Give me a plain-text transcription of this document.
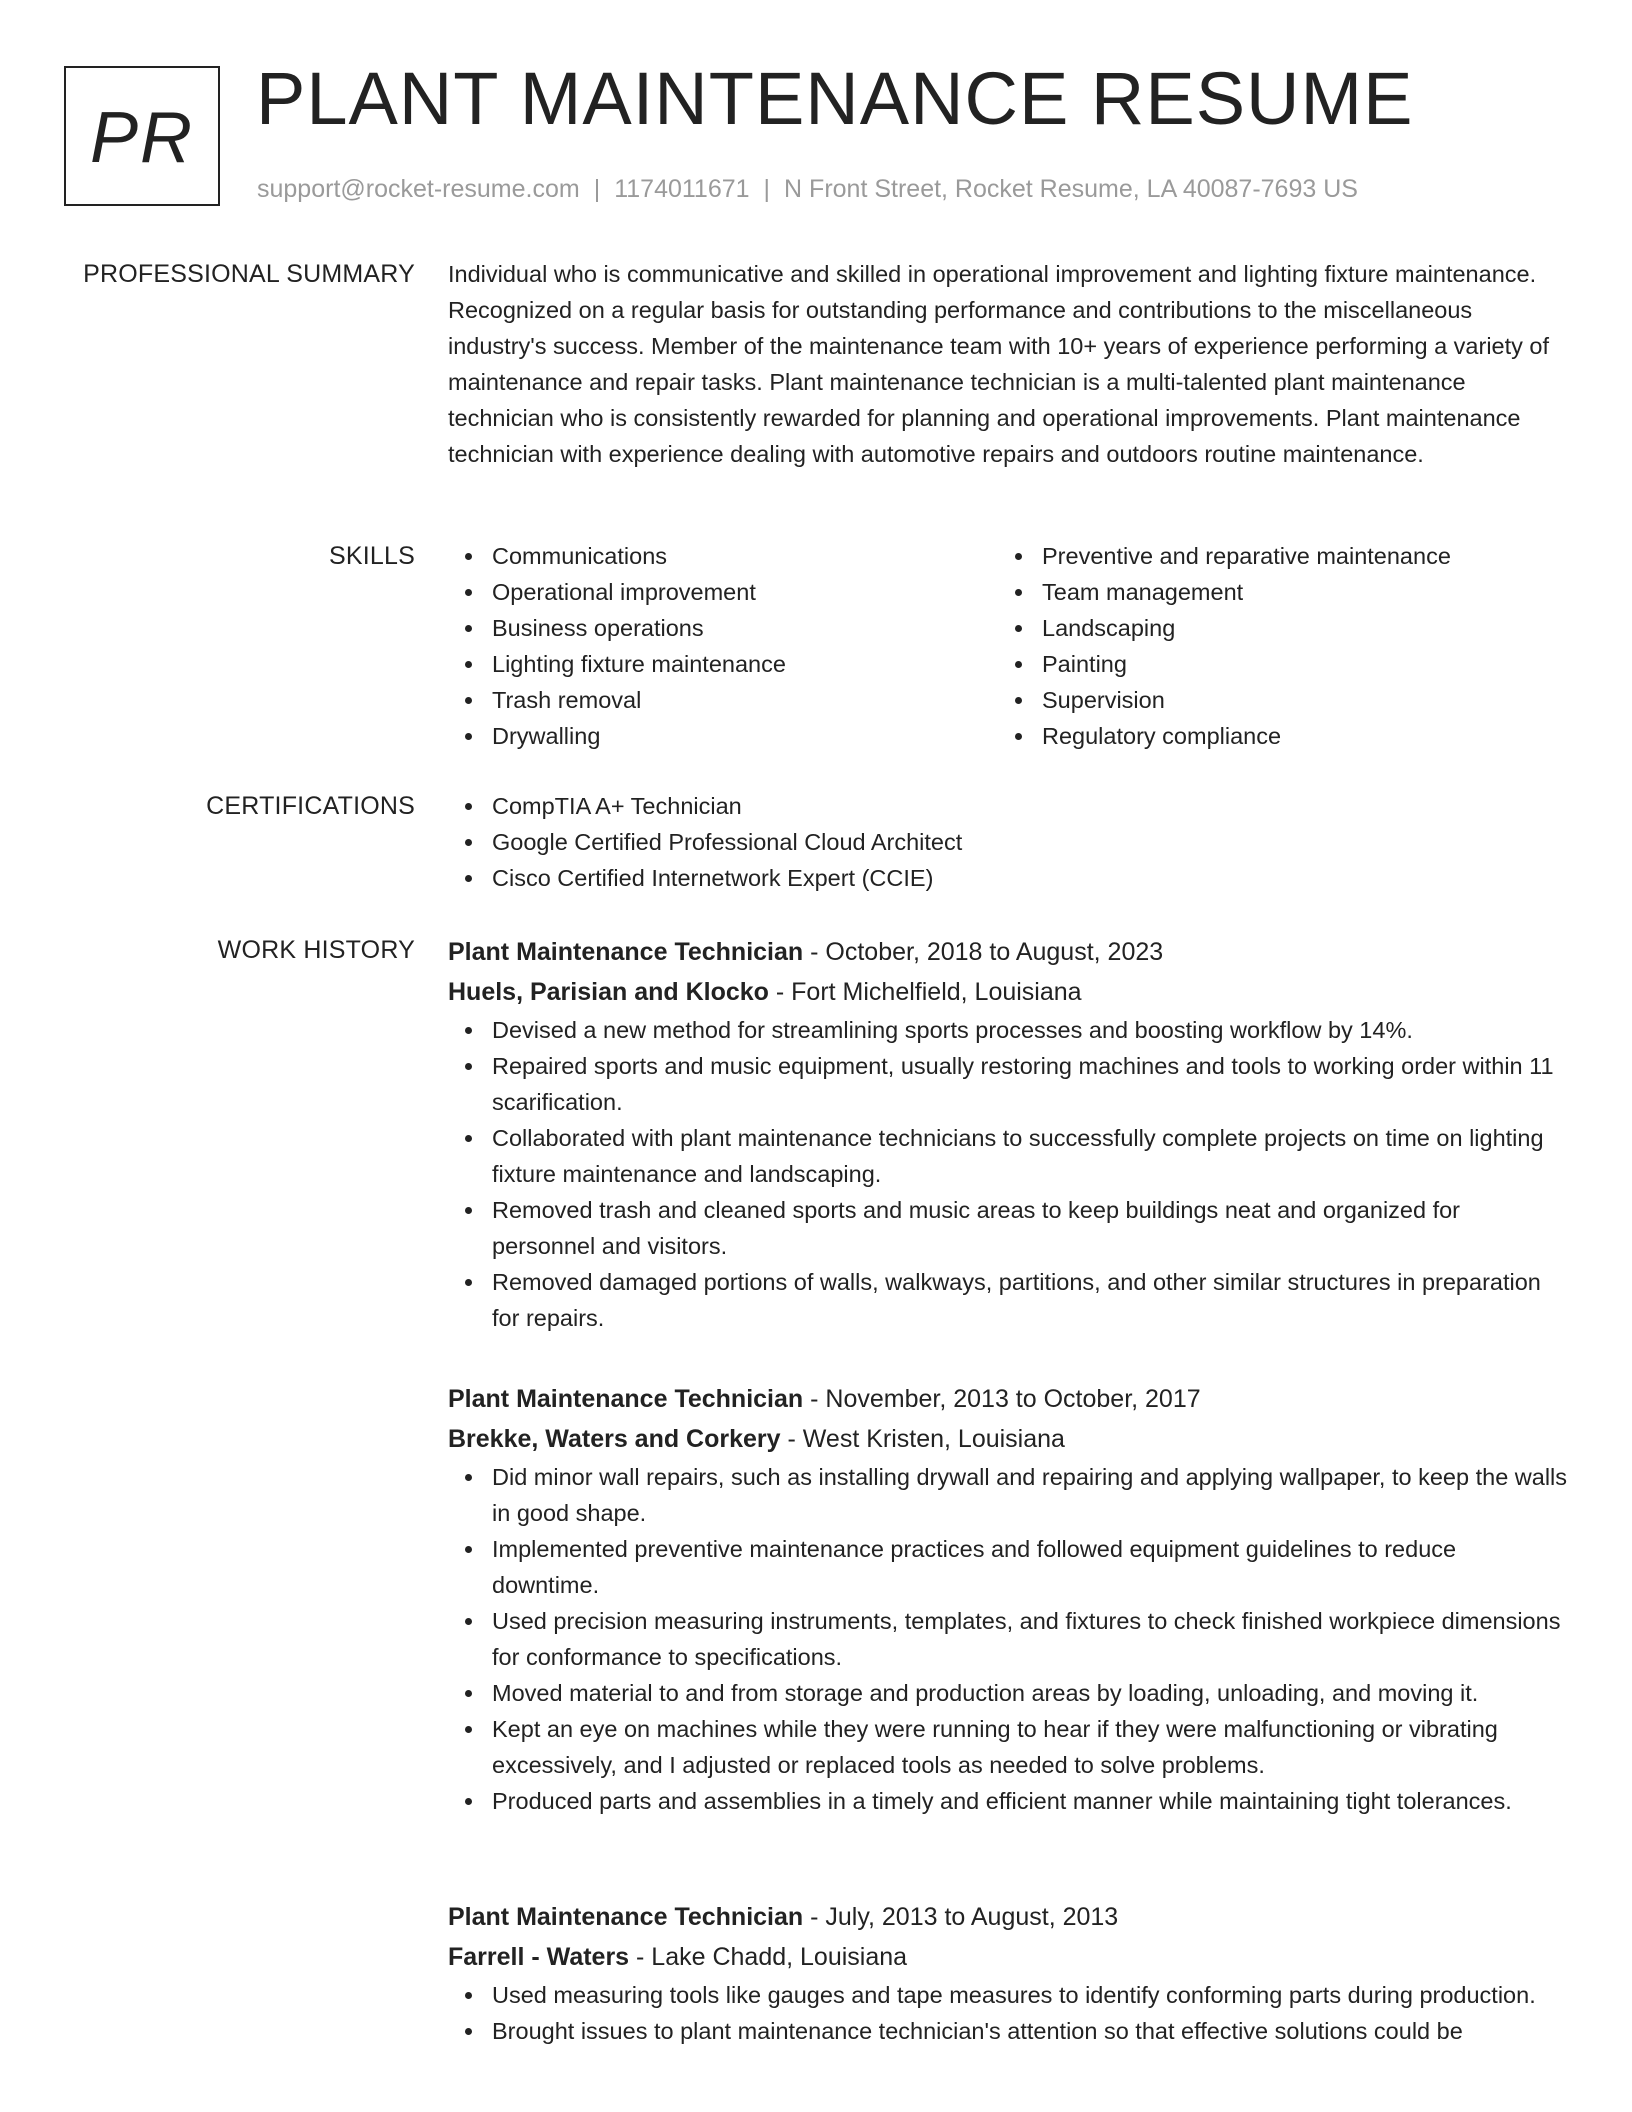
PR PLANT MAINTENANCE RESUME
support@rocket-resume.com | 1174011671 | N Front Street, Rocket Resume, LA 40087-7693 US
PROFESSIONAL SUMMARY Individual who is communicative and skilled in operational improvement and lighting fixture maintenance. Recognized on a regular basis for outstanding performance and contributions to the miscellaneous industry's success. Member of the maintenance team with 10+ years of experience performing a variety of maintenance and repair tasks. Plant maintenance technician is a multi-talented plant maintenance technician who is consistently rewarded for planning and operational improvements. Plant maintenance technician with experience dealing with automotive repairs and outdoors routine maintenance.

SKILLS	Communications
Operational improvement
Business operations
Lighting fixture maintenance
Trash removal
Drywalling
Preventive and reparative maintenance
Team management
Landscaping
Painting
Supervision
Regulatory compliance
CERTIFICATIONS	CompTIA A+ Technician
Google Certified Professional Cloud Architect
Cisco Certified Internetwork Expert (CCIE)
WORK HISTORY Plant Maintenance Technician - October, 2018 to August, 2023
Huels, Parisian and Klocko - Fort Michelfield, Louisiana
Devised a new method for streamlining sports processes and boosting workflow by 14%.
Repaired sports and music equipment, usually restoring machines and tools to working order within 11 scarification.
Collaborated with plant maintenance technicians to successfully complete projects on time on lighting fixture maintenance and landscaping.
Removed trash and cleaned sports and music areas to keep buildings neat and organized for personnel and visitors.
Removed damaged portions of walls, walkways, partitions, and other similar structures in preparation for repairs.
Plant Maintenance Technician - November, 2013 to October, 2017
Brekke, Waters and Corkery - West Kristen, Louisiana
Did minor wall repairs, such as installing drywall and repairing and applying wallpaper, to keep the walls in good shape.
Implemented preventive maintenance practices and followed equipment guidelines to reduce downtime.
Used precision measuring instruments, templates, and fixtures to check finished workpiece dimensions for conformance to specifications.
Moved material to and from storage and production areas by loading, unloading, and moving it.
Kept an eye on machines while they were running to hear if they were malfunctioning or vibrating excessively, and I adjusted or replaced tools as needed to solve problems.
Produced parts and assemblies in a timely and efficient manner while maintaining tight tolerances.
Plant Maintenance Technician - July, 2013 to August, 2013
Farrell - Waters - Lake Chadd, Louisiana
Used measuring tools like gauges and tape measures to identify conforming parts during production.
Brought issues to plant maintenance technician's attention so that effective solutions could be
